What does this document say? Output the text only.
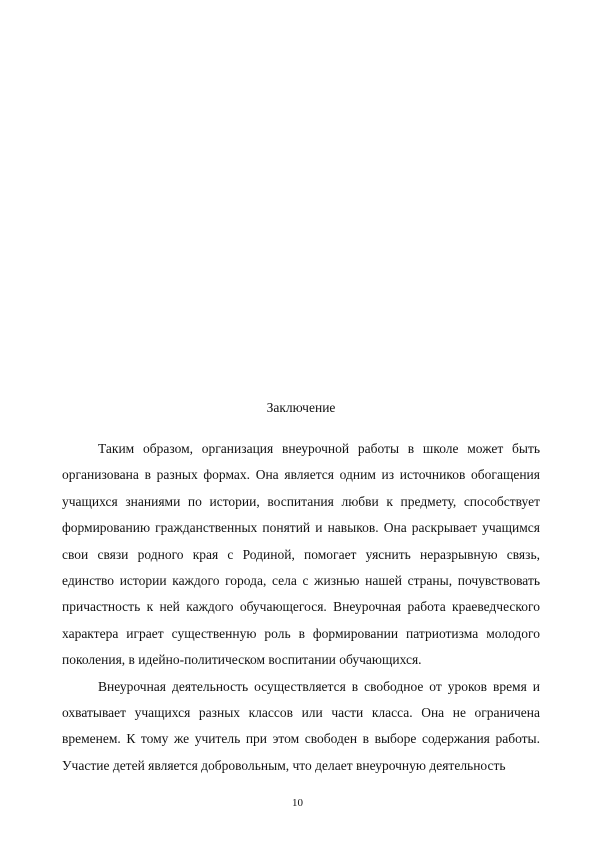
Заключение

Таким образом, организация внеурочной работы в школе может быть организована в разных формах. Она является одним из источников обогащения учащихся знаниями по истории, воспитания любви к предмету, способствует формированию гражданственных понятий и навыков. Она раскрывает учащимся свои связи родного края с Родиной, помогает уяснить неразрывную связь, единство истории каждого города, села с жизнью нашей страны, почувствовать причастность к ней каждого обучающегося. Внеурочная работа краеведческого характера играет существенную роль в формировании патриотизма молодого поколения, в идейно-политическом воспитании обучающихся.

Внеурочная деятельность осуществляется в свободное от уроков время и охватывает учащихся разных классов или части класса. Она не ограничена временем. К тому же учитель при этом свободен в выборе содержания работы. Участие детей является добровольным, что делает внеурочную деятельность

10
